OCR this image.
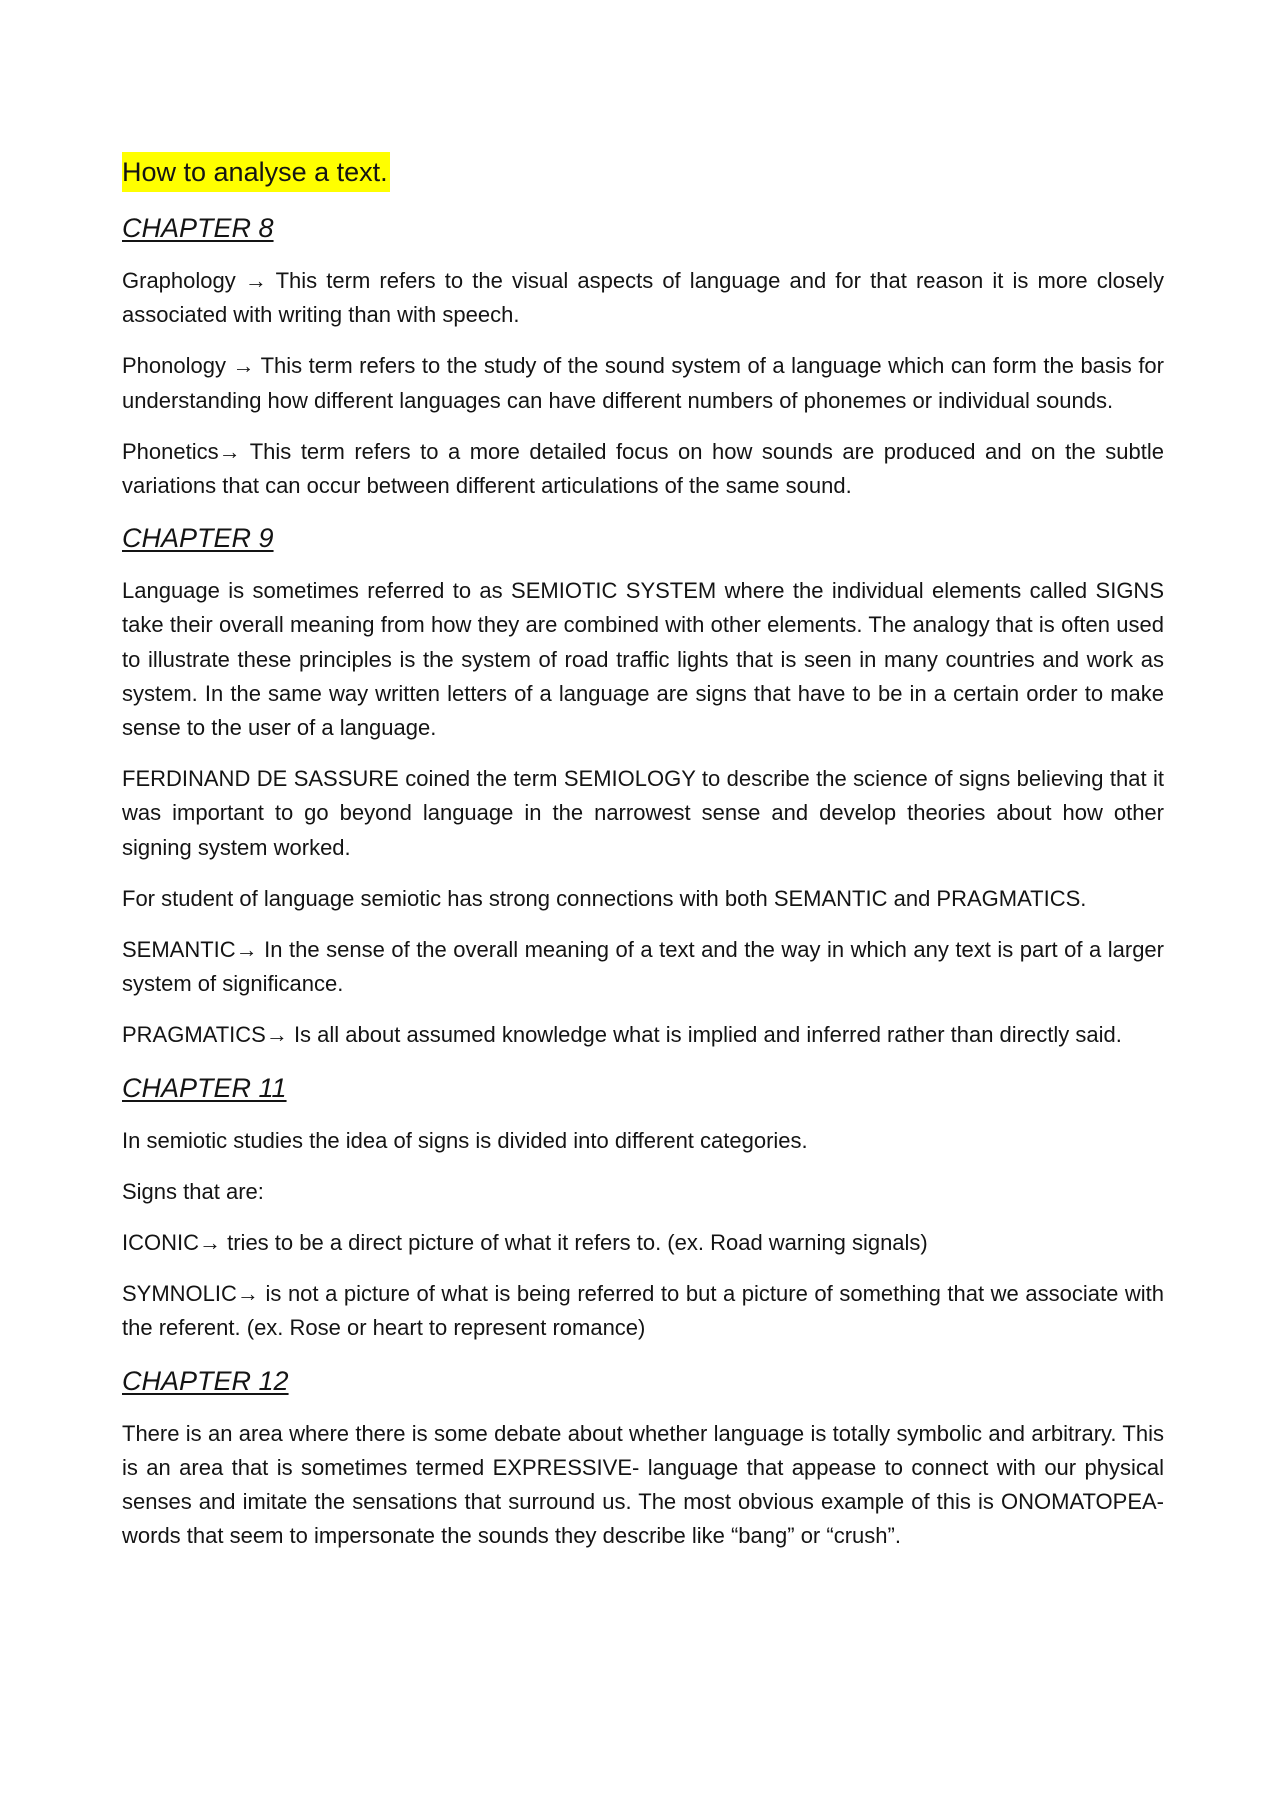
How to analyse a text.
CHAPTER 8

Graphology → This term refers to the visual aspects of language and for that reason it is more closely associated with writing than with speech.

Phonology → This term refers to the study of the sound system of a language which can form the basis for understanding how different languages can have different numbers of phonemes or individual sounds.

Phonetics→ This term refers to a more detailed focus on how sounds are produced and on the subtle variations that can occur between different articulations of the same sound.

CHAPTER 9

Language is sometimes referred to as SEMIOTIC SYSTEM where the individual elements called SIGNS take their overall meaning from how they are combined with other elements. The analogy that is often used to illustrate these principles is the system of road traffic lights that is seen in many countries and work as system. In the same way written letters of a language are signs that have to be in a certain order to make sense to the user of a language.

FERDINAND DE SASSURE coined the term SEMIOLOGY to describe the science of signs believing that it was important to go beyond language in the narrowest sense and develop theories about how other signing system worked.

For student of language semiotic has strong connections with both SEMANTIC and PRAGMATICS.

SEMANTIC→ In the sense of the overall meaning of a text and the way in which any text is part of a larger system of significance.

PRAGMATICS→ Is all about assumed knowledge what is implied and inferred rather than directly said.

CHAPTER 11

In semiotic studies the idea of signs is divided into different categories.

Signs that are:

ICONIC→ tries to be a direct picture of what it refers to. (ex. Road warning signals)

SYMNOLIC→ is not a picture of what is being referred to but a picture of something that we associate with the referent. (ex. Rose or heart to represent romance)

CHAPTER 12

There is an area where there is some debate about whether language is totally symbolic and arbitrary. This is an area that is sometimes termed EXPRESSIVE- language that appease to connect with our physical senses and imitate the sensations that surround us. The most obvious example of this is ONOMATOPEA- words that seem to impersonate the sounds they describe like “bang” or “crush”.
